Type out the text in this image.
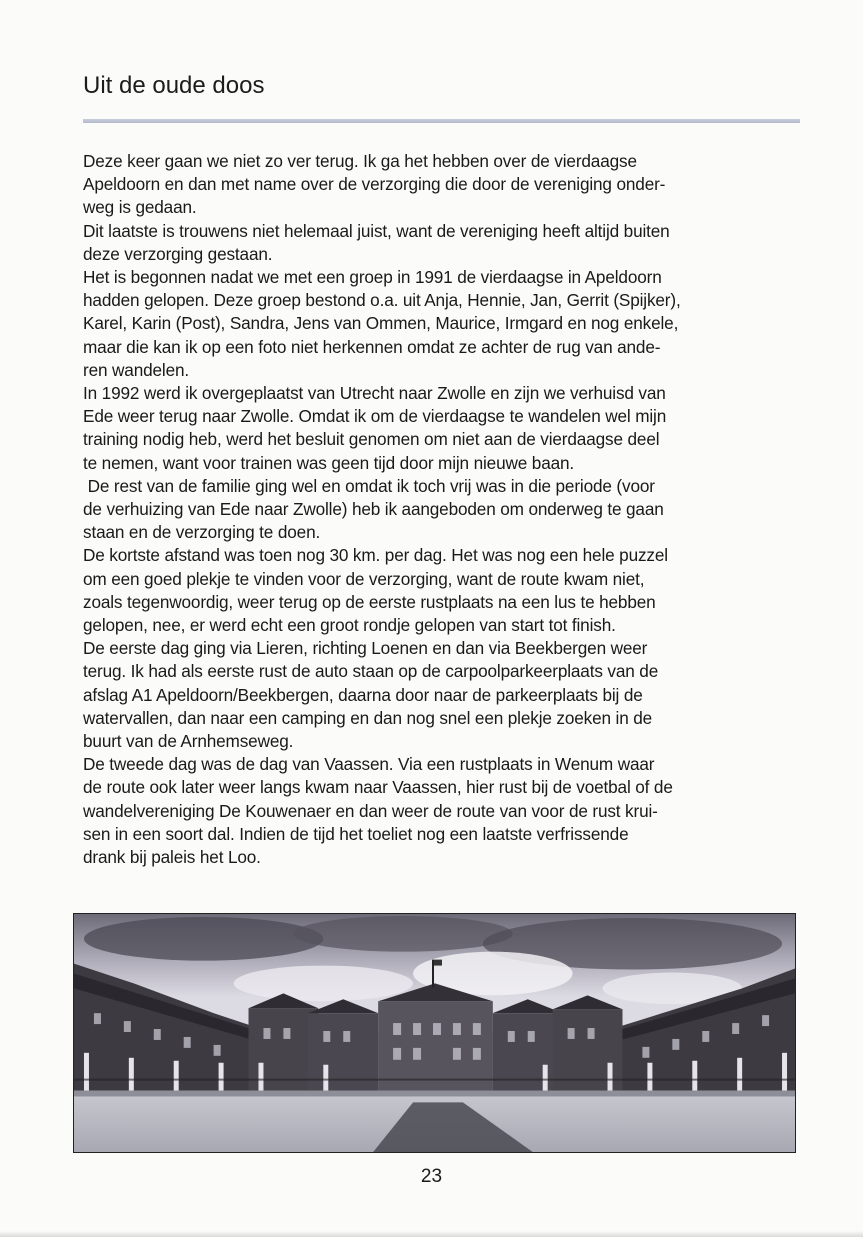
Uit de oude doos
Deze keer gaan we niet zo ver terug. Ik ga het hebben over de vierdaagse
Apeldoorn en dan met name over de verzorging die door de vereniging onder-
weg is gedaan.
Dit laatste is trouwens niet helemaal juist, want de vereniging heeft altijd buiten
deze verzorging gestaan.
Het is begonnen nadat we met een groep in 1991 de vierdaagse in Apeldoorn
hadden gelopen. Deze groep bestond o.a. uit Anja, Hennie, Jan, Gerrit (Spijker),
Karel, Karin (Post), Sandra, Jens van Ommen, Maurice, Irmgard en nog enkele,
maar die kan ik op een foto niet herkennen omdat ze achter de rug van ande-
ren wandelen.
In 1992 werd ik overgeplaatst van Utrecht naar Zwolle en zijn we verhuisd van
Ede weer terug naar Zwolle. Omdat ik om de vierdaagse te wandelen wel mijn
training nodig heb, werd het besluit genomen om niet aan de vierdaagse deel
te nemen, want voor trainen was geen tijd door mijn nieuwe baan.
De rest van de familie ging wel en omdat ik toch vrij was in die periode (voor
de verhuizing van Ede naar Zwolle) heb ik aangeboden om onderweg te gaan
staan en de verzorging te doen.
De kortste afstand was toen nog 30 km. per dag. Het was nog een hele puzzel
om een goed plekje te vinden voor de verzorging, want de route kwam niet,
zoals tegenwoordig, weer terug op de eerste rustplaats na een lus te hebben
gelopen, nee, er werd echt een groot rondje gelopen van start tot finish.
De eerste dag ging via Lieren, richting Loenen en dan via Beekbergen weer
terug. Ik had als eerste rust de auto staan op de carpoolparkeerplaats van de
afslag A1 Apeldoorn/Beekbergen, daarna door naar de parkeerplaats bij de
watervallen, dan naar een camping en dan nog snel een plekje zoeken in de
buurt van de Arnhemseweg.
De tweede dag was de dag van Vaassen. Via een rustplaats in Wenum waar
de route ook later weer langs kwam naar Vaassen, hier rust bij de voetbal of de
wandelvereniging De Kouwenaer en dan weer de route van voor de rust krui-
sen in een soort dal. Indien de tijd het toeliet nog een laatste verfrissende
drank bij paleis het Loo.
23
